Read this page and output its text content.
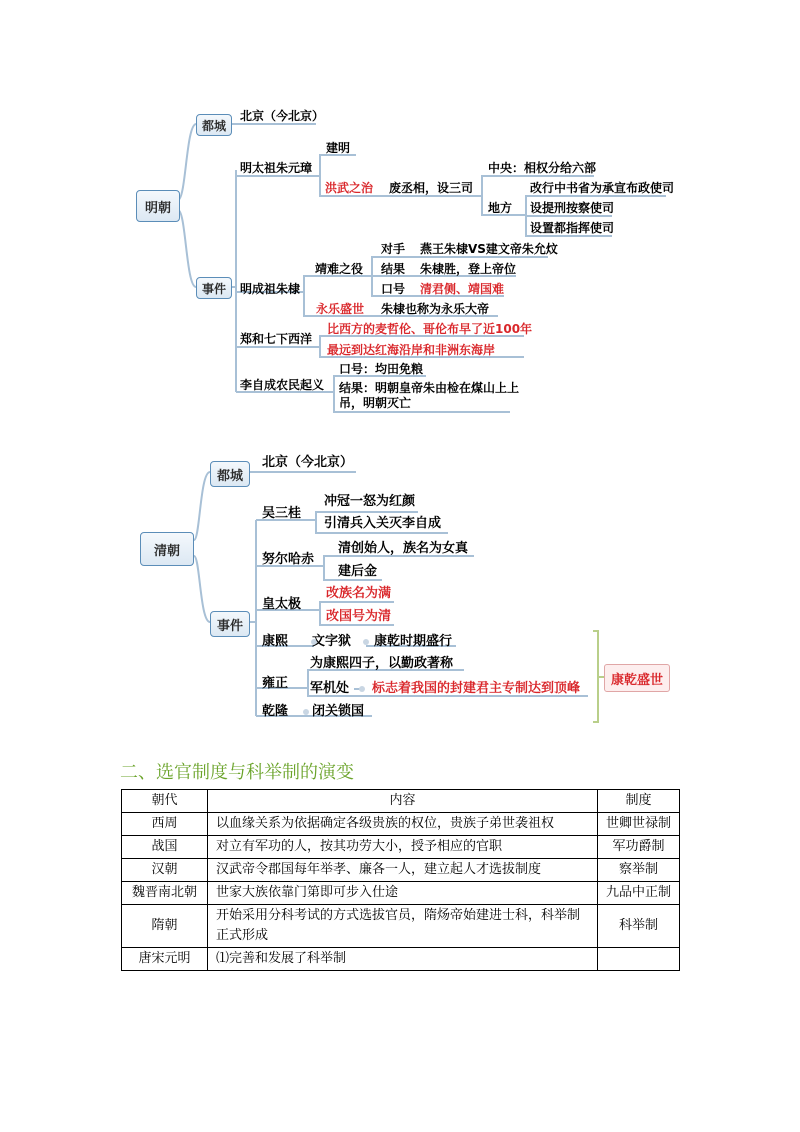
明朝
都城
北京（今北京）
事件
明太祖朱元璋
建明
洪武之治 废丞相，设三司
中央：相权分给六部
地方
改行中书省为承宣布政使司
设提刑按察使司
设置都指挥使司
明成祖朱棣
靖难之役
对手 燕王朱棣VS建文帝朱允炆
结果 朱棣胜，登上帝位
口号 清君侧、靖国难
永乐盛世 朱棣也称为永乐大帝
郑和七下西洋
比西方的麦哲伦、哥伦布早了近100年
最远到达红海沿岸和非洲东海岸
李自成农民起义
口号：均田免粮
结果：明朝皇帝朱由检在煤山上上
吊，明朝灭亡
清朝
都城
北京（今北京）
事件
吴三桂
冲冠一怒为红颜
引清兵入关灭李自成
努尔哈赤
清创始人，族名为女真
建后金
皇太极
改族名为满
改国号为清
康熙 文字狱 康乾时期盛行
雍正
为康熙四子，以勤政著称
军机处 标志着我国的封建君主专制达到顶峰
乾隆 闭关锁国
康乾盛世
二、选官制度与科举制的演变
朝代	内容	制度
西周	以血缘关系为依据确定各级贵族的权位，贵族子弟世袭祖权	世卿世禄制
战国	对立有军功的人，按其功劳大小，授予相应的官职	军功爵制
汉朝	汉武帝令郡国每年举孝、廉各一人，建立起人才选拔制度	察举制
魏晋南北朝	世家大族依靠门第即可步入仕途	九品中正制
隋朝	开始采用分科考试的方式选拔官员，隋炀帝始建进士科，科举制正式形成	科举制
唐宋元明	⑴完善和发展了科举制	
